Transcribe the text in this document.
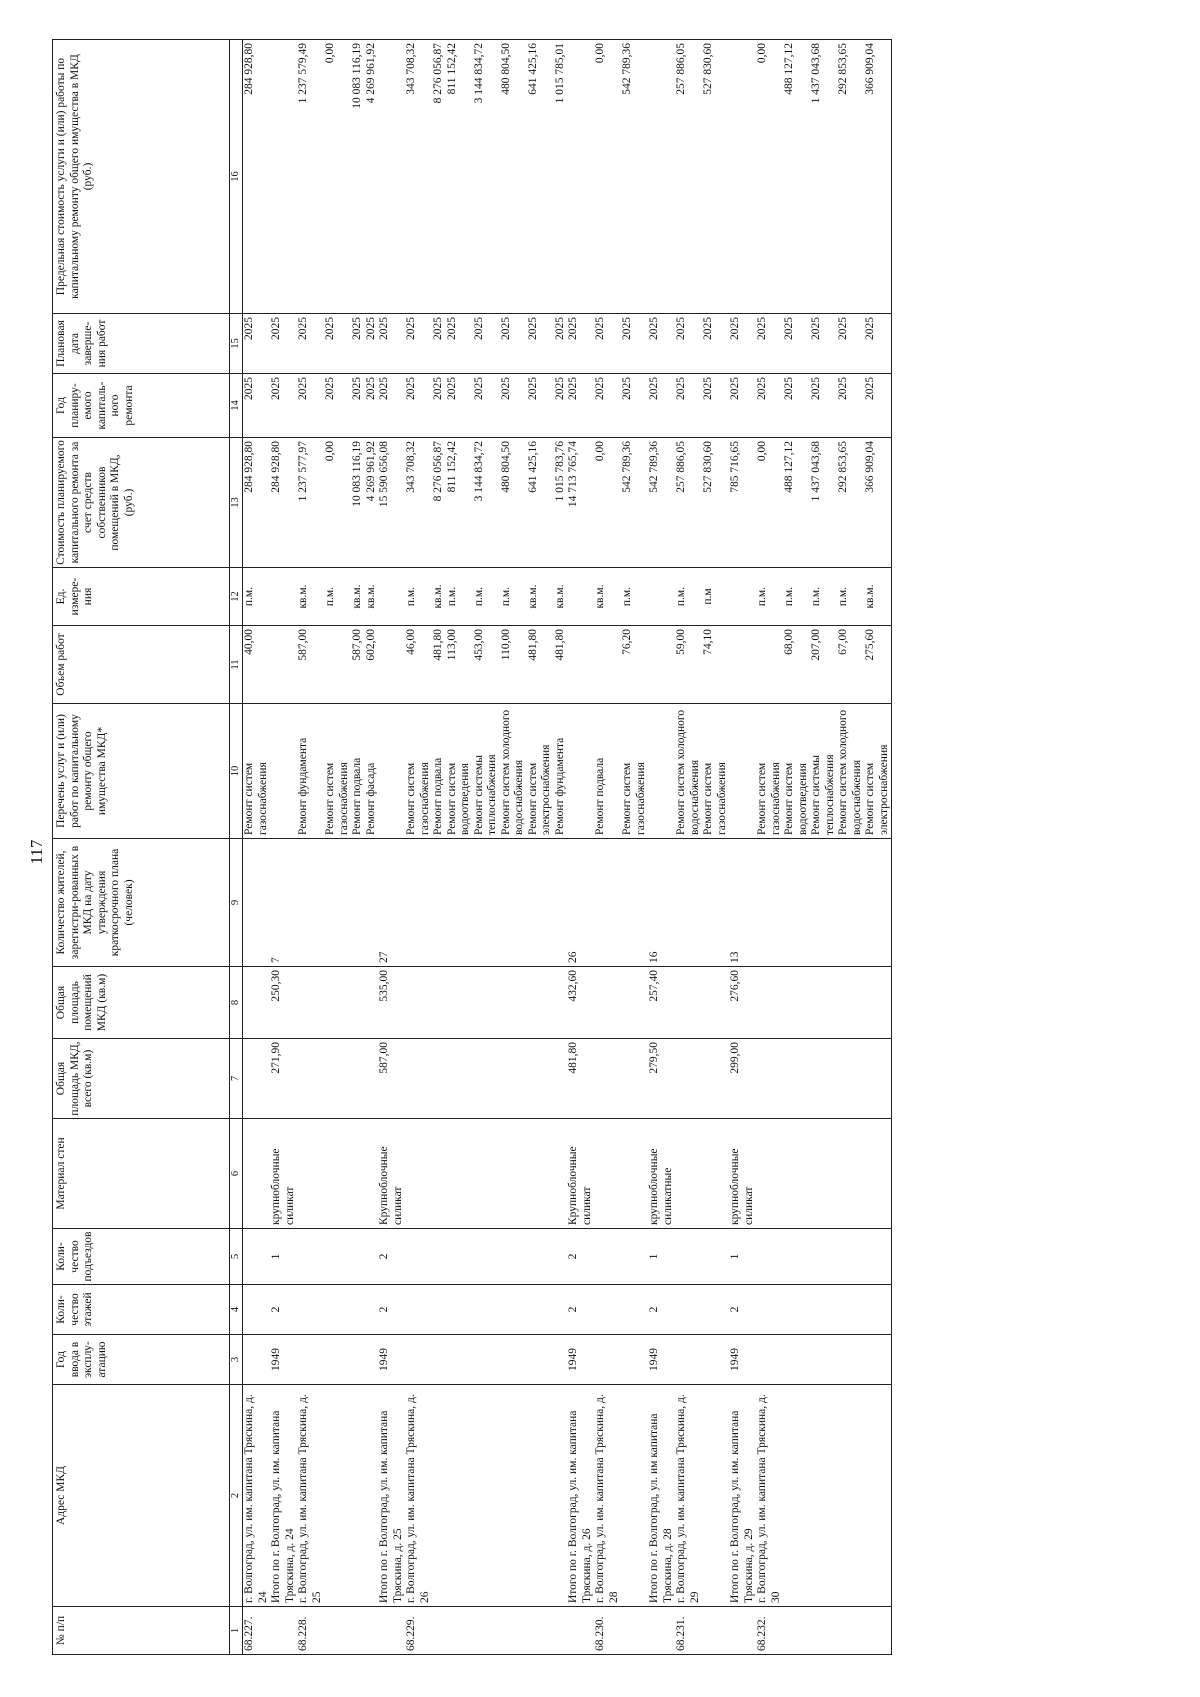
117
№ п/п	Адрес МКД	Год ввода в эксплу-атацию	Коли-чество этажей	Коли-чество подъездов	Материал стен	Общая площадь МКД, всего (кв.м)	Общая площадь помещений МКД (кв.м)	Количество жителей, зарегистри-рованных в МКД на дату утверждения краткосрочного плана (человек)	Перечень услуг и (или) работ по капитальному ремонту общего имущества МКД*	Объем работ	Ед. измере-ния	Стоимость планируемого капитального ремонта за счет средств собственников помещений в МКД, (руб.)	Год планиру-емого капиталь-ного ремонта	Плановая дата заверше-ния работ	Предельная стоимость услуги и (или) работы по капитальному ремонту общего имущества в МКД (руб.)
1	2	3	4	5	6	7	8	9	10	11	12	13	14	15	16
68.227.	г. Волгоград, ул. им. капитана Тряскина, д. 24								Ремонт систем газоснабжения	40,00	п.м.	284 928,80	2025	2025	284 928,80
	Итого по г. Волгоград, ул. им. капитана Тряскина, д. 24	1949	2	1	крупноблочные силикат	271,90	250,30	7				284 928,80	2025	2025	
68.228.	г. Волгоград, ул. им. капитана Тряскина, д. 25								Ремонт фундамента	587,00	кв.м.	1 237 577,97	2025	2025	1 237 579,49
									Ремонт систем газоснабжения		п.м.	0,00	2025	2025	0,00
									Ремонт подвала	587,00	кв.м.	10 083 116,19	2025	2025	10 083 116,19
									Ремонт фасада	602,00	кв.м.	4 269 961,92	2025	2025	4 269 961,92
	Итого по г. Волгоград, ул. им. капитана Тряскина, д. 25	1949	2	2	Крупноблочные силикат	587,00	535,00	27				15 590 656,08	2025	2025	
68.229.	г. Волгоград, ул. им. капитана Тряскина, д. 26								Ремонт систем газоснабжения	46,00	п.м.	343 708,32	2025	2025	343 708,32
									Ремонт подвала	481,80	кв.м.	8 276 056,87	2025	2025	8 276 056,87
									Ремонт систем водоотведения	113,00	п.м.	811 152,42	2025	2025	811 152,42
									Ремонт системы теплоснабжения	453,00	п.м.	3 144 834,72	2025	2025	3 144 834,72
									Ремонт систем холодного водоснабжения	110,00	п.м.	480 804,50	2025	2025	480 804,50
									Ремонт систем электроснабжения	481,80	кв.м.	641 425,16	2025	2025	641 425,16
									Ремонт фундамента	481,80	кв.м.	1 015 783,76	2025	2025	1 015 785,01
	Итого по г. Волгоград, ул. им. капитана Тряскина, д. 26	1949	2	2	Крупноблочные силикат	481,80	432,60	26				14 713 765,74	2025	2025	
68.230.	г. Волгоград, ул. им. капитана Тряскина, д. 28								Ремонт подвала		кв.м.	0,00	2025	2025	0,00
									Ремонт систем газоснабжения	76,20	п.м.	542 789,36	2025	2025	542 789,36
	Итого по г. Волгоград, ул. им капитана Тряскина, д. 28	1949	2	1	крупноблочные силикатные	279,50	257,40	16				542 789,36	2025	2025	
68.231.	г. Волгоград, ул. им. капитана Тряскина, д. 29								Ремонт систем холодного водоснабжения	59,00	п.м.	257 886,05	2025	2025	257 886,05
									Ремонт систем газоснабжения	74,10	п.м	527 830,60	2025	2025	527 830,60
	Итого по г. Волгоград, ул. им. капитана Тряскина, д. 29	1949	2	1	крупноблочные силикат	299,00	276,60	13				785 716,65	2025	2025	
68.232.	г. Волгоград, ул. им. капитана Тряскина, д. 30								Ремонт систем газоснабжения		п.м.	0,00	2025	2025	0,00
									Ремонт систем водоотведения	68,00	п.м.	488 127,12	2025	2025	488 127,12
									Ремонт системы теплоснабжения	207,00	п.м.	1 437 043,68	2025	2025	1 437 043,68
									Ремонт систем холодного водоснабжения	67,00	п.м.	292 853,65	2025	2025	292 853,65
									Ремонт систем электроснабжения	275,60	кв.м.	366 909,04	2025	2025	366 909,04
